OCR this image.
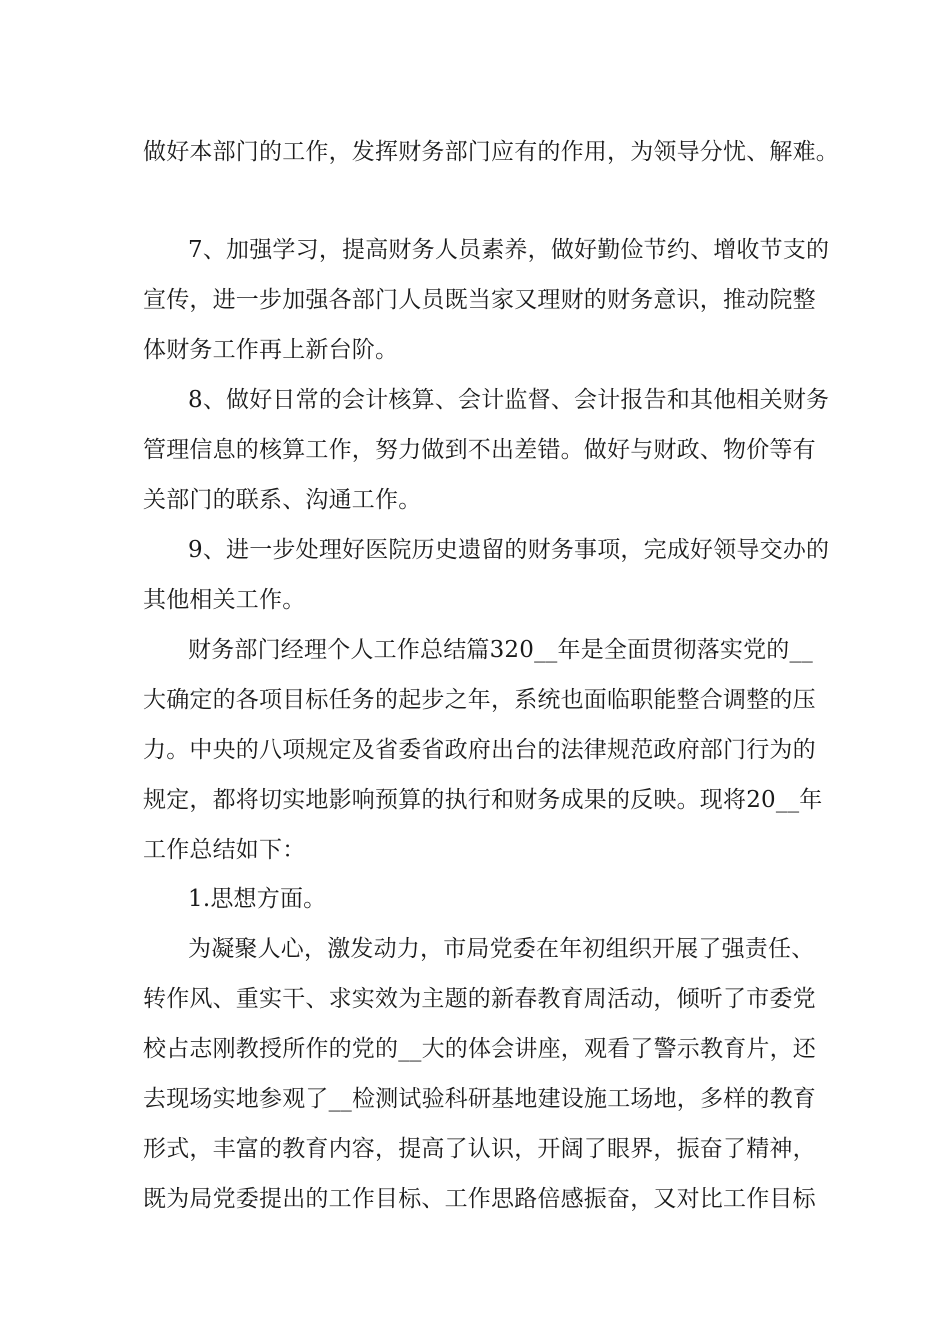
做好本部门的工作，发挥财务部门应有的作用，为领导分忧、解难。
7、加强学习，提高财务人员素养，做好勤俭节约、增收节支的
宣传，进一步加强各部门人员既当家又理财的财务意识，推动院整
体财务工作再上新台阶。
8、做好日常的会计核算、会计监督、会计报告和其他相关财务
管理信息的核算工作，努力做到不出差错。做好与财政、物价等有
关部门的联系、沟通工作。
9、进一步处理好医院历史遗留的财务事项，完成好领导交办的
其他相关工作。
财务部门经理个人工作总结篇320__年是全面贯彻落实党的__
大确定的各项目标任务的起步之年，系统也面临职能整合调整的压
力。中央的八项规定及省委省政府出台的法律规范政府部门行为的
规定，都将切实地影响预算的执行和财务成果的反映。现将20__年
工作总结如下：
1.思想方面。
为凝聚人心，激发动力，市局党委在年初组织开展了强责任、
转作风、重实干、求实效为主题的新春教育周活动，倾听了市委党
校占志刚教授所作的党的__大的体会讲座，观看了警示教育片，还
去现场实地参观了__检测试验科研基地建设施工场地，多样的教育
形式，丰富的教育内容，提高了认识，开阔了眼界，振奋了精神，
既为局党委提出的工作目标、工作思路倍感振奋，又对比工作目标
